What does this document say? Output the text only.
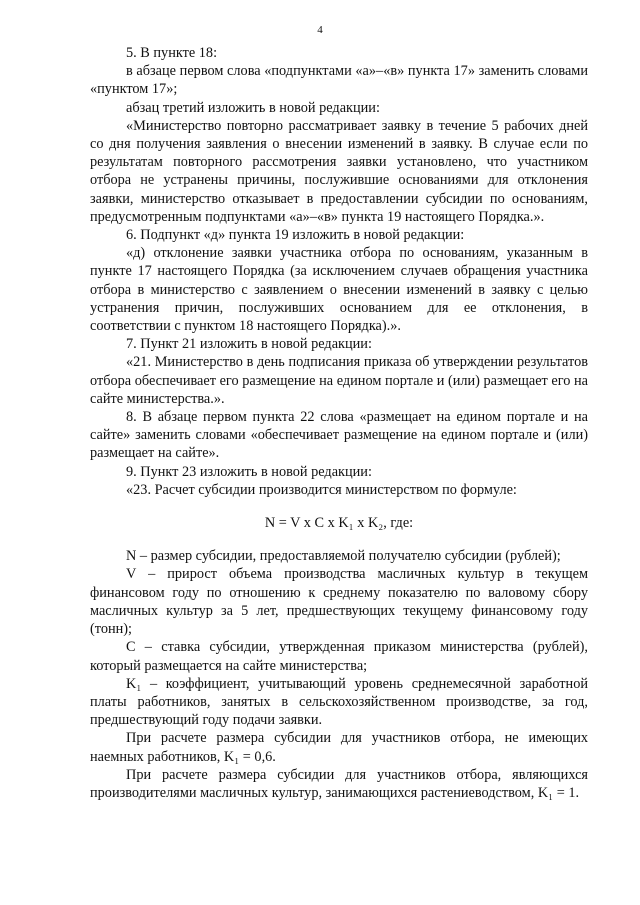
4

5. В пункте 18:

в абзаце первом слова «подпунктами «а»–«в» пункта 17» заменить словами «пунктом 17»;

абзац третий изложить в новой редакции:

«Министерство повторно рассматривает заявку в течение 5 рабочих дней со дня получения заявления о внесении изменений в заявку. В случае если по результатам повторного рассмотрения заявки установлено, что участником отбора не устранены причины, послужившие основаниями для отклонения заявки, министерство отказывает в предоставлении субсидии по основаниям, предусмотренным подпунктами «а»–«в» пункта 19 настоящего Порядка.».

6. Подпункт «д» пункта 19 изложить в новой редакции:

«д) отклонение заявки участника отбора по основаниям, указанным в пункте 17 настоящего Порядка (за исключением случаев обращения участника отбора в министерство с заявлением о внесении изменений в заявку с целью устранения причин, послуживших основанием для ее отклонения, в соответствии с пунктом 18 настоящего Порядка).».

7. Пункт 21 изложить в новой редакции:

«21. Министерство в день подписания приказа об утверждении результатов отбора обеспечивает его размещение на едином портале и (или) размещает его на сайте министерства.».

8. В абзаце первом пункта 22 слова «размещает на едином портале и на сайте» заменить словами «обеспечивает размещение на едином портале и (или) размещает на сайте».

9. Пункт 23 изложить в новой редакции:

«23. Расчет субсидии производится министерством по формуле:

N = V x C x K₁ x K₂, где:

N – размер субсидии, предоставляемой получателю субсидии (рублей);

V – прирост объема производства масличных культур в текущем финансовом году по отношению к среднему показателю по валовому сбору масличных культур за 5 лет, предшествующих текущему финансовому году (тонн);

C – ставка субсидии, утвержденная приказом министерства (рублей), который размещается на сайте министерства;

K₁ – коэффициент, учитывающий уровень среднемесячной заработной платы работников, занятых в сельскохозяйственном производстве, за год, предшествующий году подачи заявки.

При расчете размера субсидии для участников отбора, не имеющих наемных работников, K₁ = 0,6.

При расчете размера субсидии для участников отбора, являющихся производителями масличных культур, занимающихся растениеводством, K₁ = 1.
